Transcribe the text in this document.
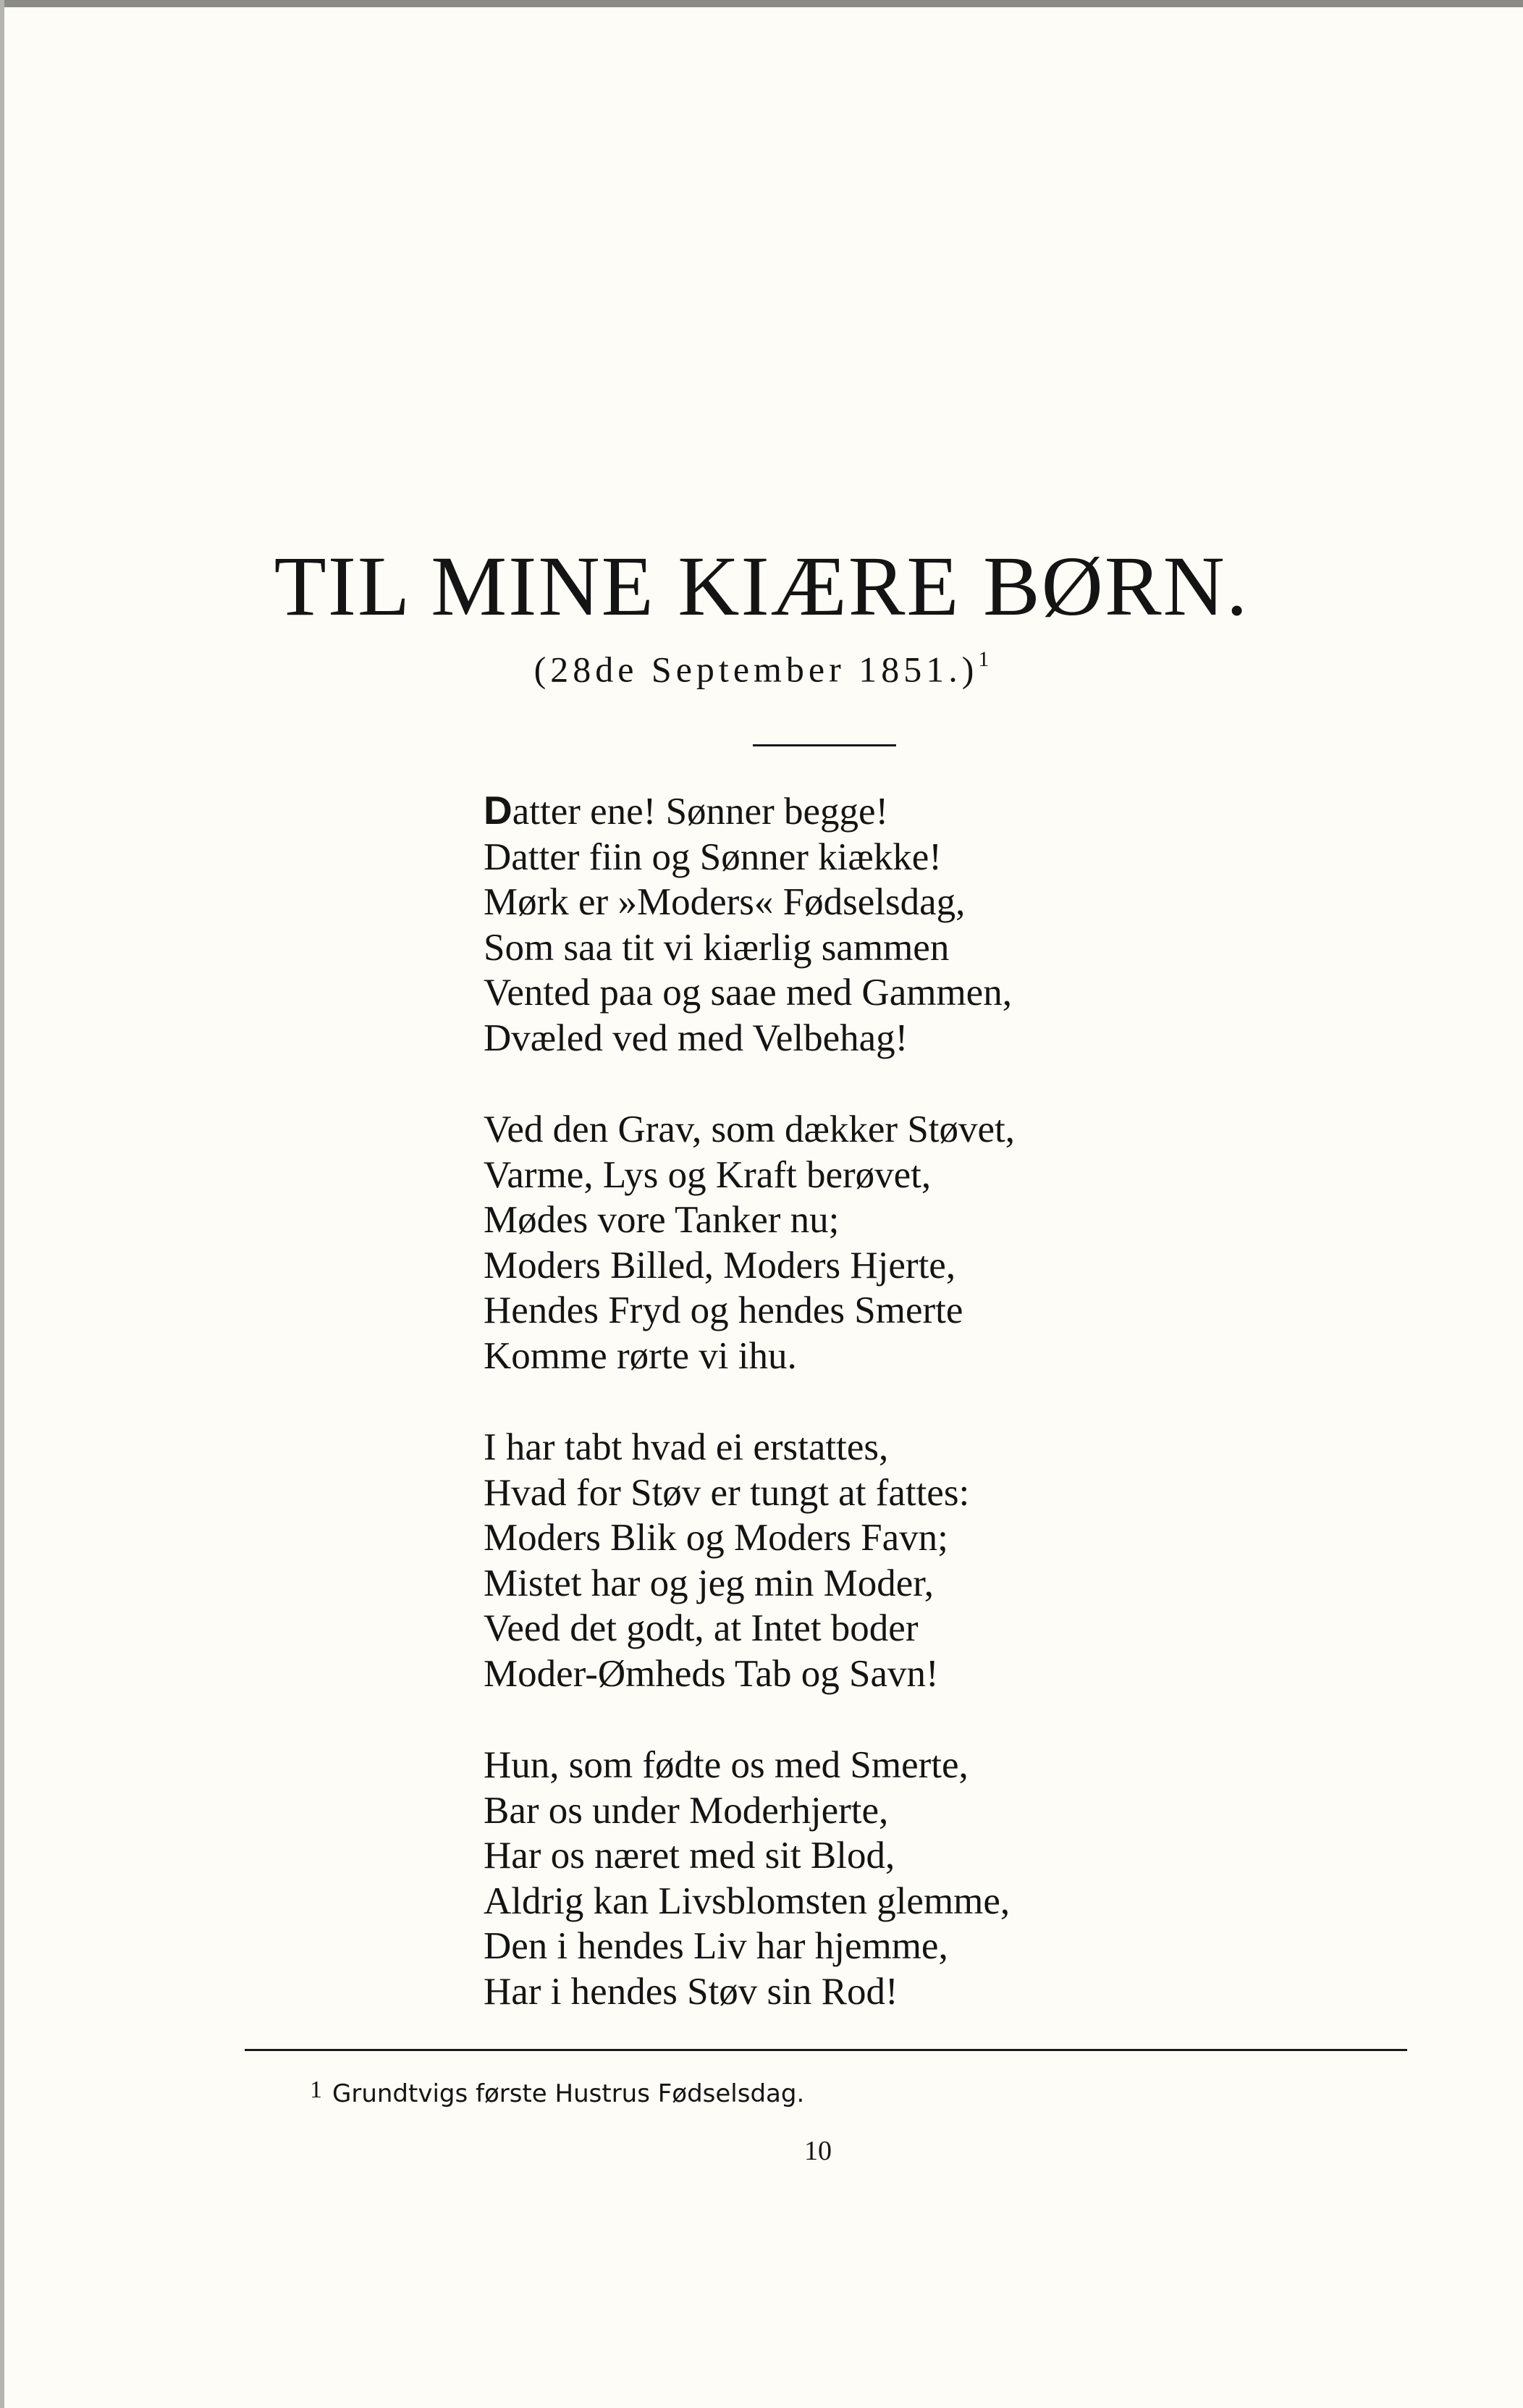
TIL MINE KIÆRE BØRN.
(28de September 1851.)$^1$
Datter ene! Sønner begge!
Datter fiin og Sønner kiække!
Mørk er »Moders« Fødselsdag,
Som saa tit vi kiærlig sammen
Vented paa og saae med Gammen,
Dvæled ved med Velbehag!
Ved den Grav, som dækker Støvet,
Varme, Lys og Kraft berøvet,
Mødes vore Tanker nu;
Moders Billed, Moders Hjerte,
Hendes Fryd og hendes Smerte
Komme rørte vi ihu.
I har tabt hvad ei erstattes,
Hvad for Støv er tungt at fattes:
Moders Blik og Moders Favn;
Mistet har og jeg min Moder,
Veed det godt, at Intet boder
Moder-Ømheds Tab og Savn!
Hun, som fødte os med Smerte,
Bar os under Moderhjerte,
Har os næret med sit Blod,
Aldrig kan Livsblomsten glemme,
Den i hendes Liv har hjemme,
Har i hendes Støv sin Rod!
$^1$ Grundtvigs første Hustrus Fødselsdag.
10
